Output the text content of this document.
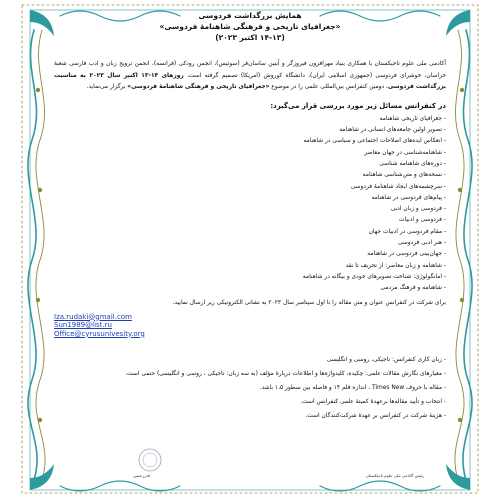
همایش بزرگداشت فردوسی
«جغرافیای تاریخی و فرهنگی شاهنامۀ فردوسی»
(۱۴-۱۳ اکتبر ۲۰۲۳)

آکادمی ملی علوم تاجیکستان با همکاری بنیاد مهرافزون فیروزگر و آیتین ساسان‌فر (سوئیس)، انجمن رودکی (فرانسه)، انجمن ترویج زبان و ادب فارسی شعبۀ خراسان، خوشرای فردوسی (جمهوری اسلامی ایران)، دانشگاه کوروش (امریکا) تصمیم گرفته است، روزهای ۱۴-۱۳ اکتبر سال ۲۰۲۳ به مناسبت بزرگداشت فردوسی، دومین کنفرانس بین‌المللی علمی را در موضوع «جغرافیای تاریخی و فرهنگی شاهنامۀ فردوسی» برگزار می‌نماید.

در کنفرانس مسائل زیر مورد بررسی قرار می‌گیرد:
- جغرافیای تاریخی شاهنامه
- تصویر اولین جامعه‌های انسانی در شاهنامه
- انعکاس ایده‌های اصلاحات اجتماعی و سیاسی در شاهنامه
- شاهنامه‌شناسی در جهان معاصر
- دوره‌های شاهنامه شناسی
- نسخه‌های و متن‌شناسی شاهنامه
- سرچشمه‌های ایجاد شاهنامۀ فردوسی
- پیام‌های فردوسی در شاهنامه
- فردوسی و زبان ادبی
- فردوسی و ادبیات
- مقام فردوسی در ادبیات جهان
- هنر ادبی فردوسی
- جهان‌بینی فردوسی در شاهنامه
- شاهنامه و زبان معاصر: از تحریف تا نقد
- امانگولوژی: شناخت تصویرهای خودی و بیگانه در شاهنامه
- شاهنامه و فرهنگ مردمی
برای شرکت در کنفرانس عنوان و متن مقاله را تا اول سپتامبر سال ۲۰۲۳ به نشانی الکترونیکی زیر ارسال نمایید.
Iza.rudaki@gmail.com
Sun1989@list.ru
Office@cyrusunivesity.org
- زبان کاری کنفرانس: تاجیکی، روسی و انگلیسی
- معیارهای نگارش مقالات علمی: چکیده، کلیدواژه‌ها و اطلاعات دربارۀ مؤلف (به سه زبان: تاجیکی ، روسی و انگلیسی) حتمی است.
- مقاله با حروف Times New ، اندازه قلم ۱۴ و فاصله بین سطور ۱،۵ باشد.
- انتخاب و تأیید مقاله‌ها برعهدۀ کمیتۀ علمی کنفرانس است.
- هزینۀ شرکت در کنفرانس بر عهدۀ شرکت‌کنندگان است.
رئیس آکادمی ملی علوم تاجیکستان
قدر‌رحیمی
